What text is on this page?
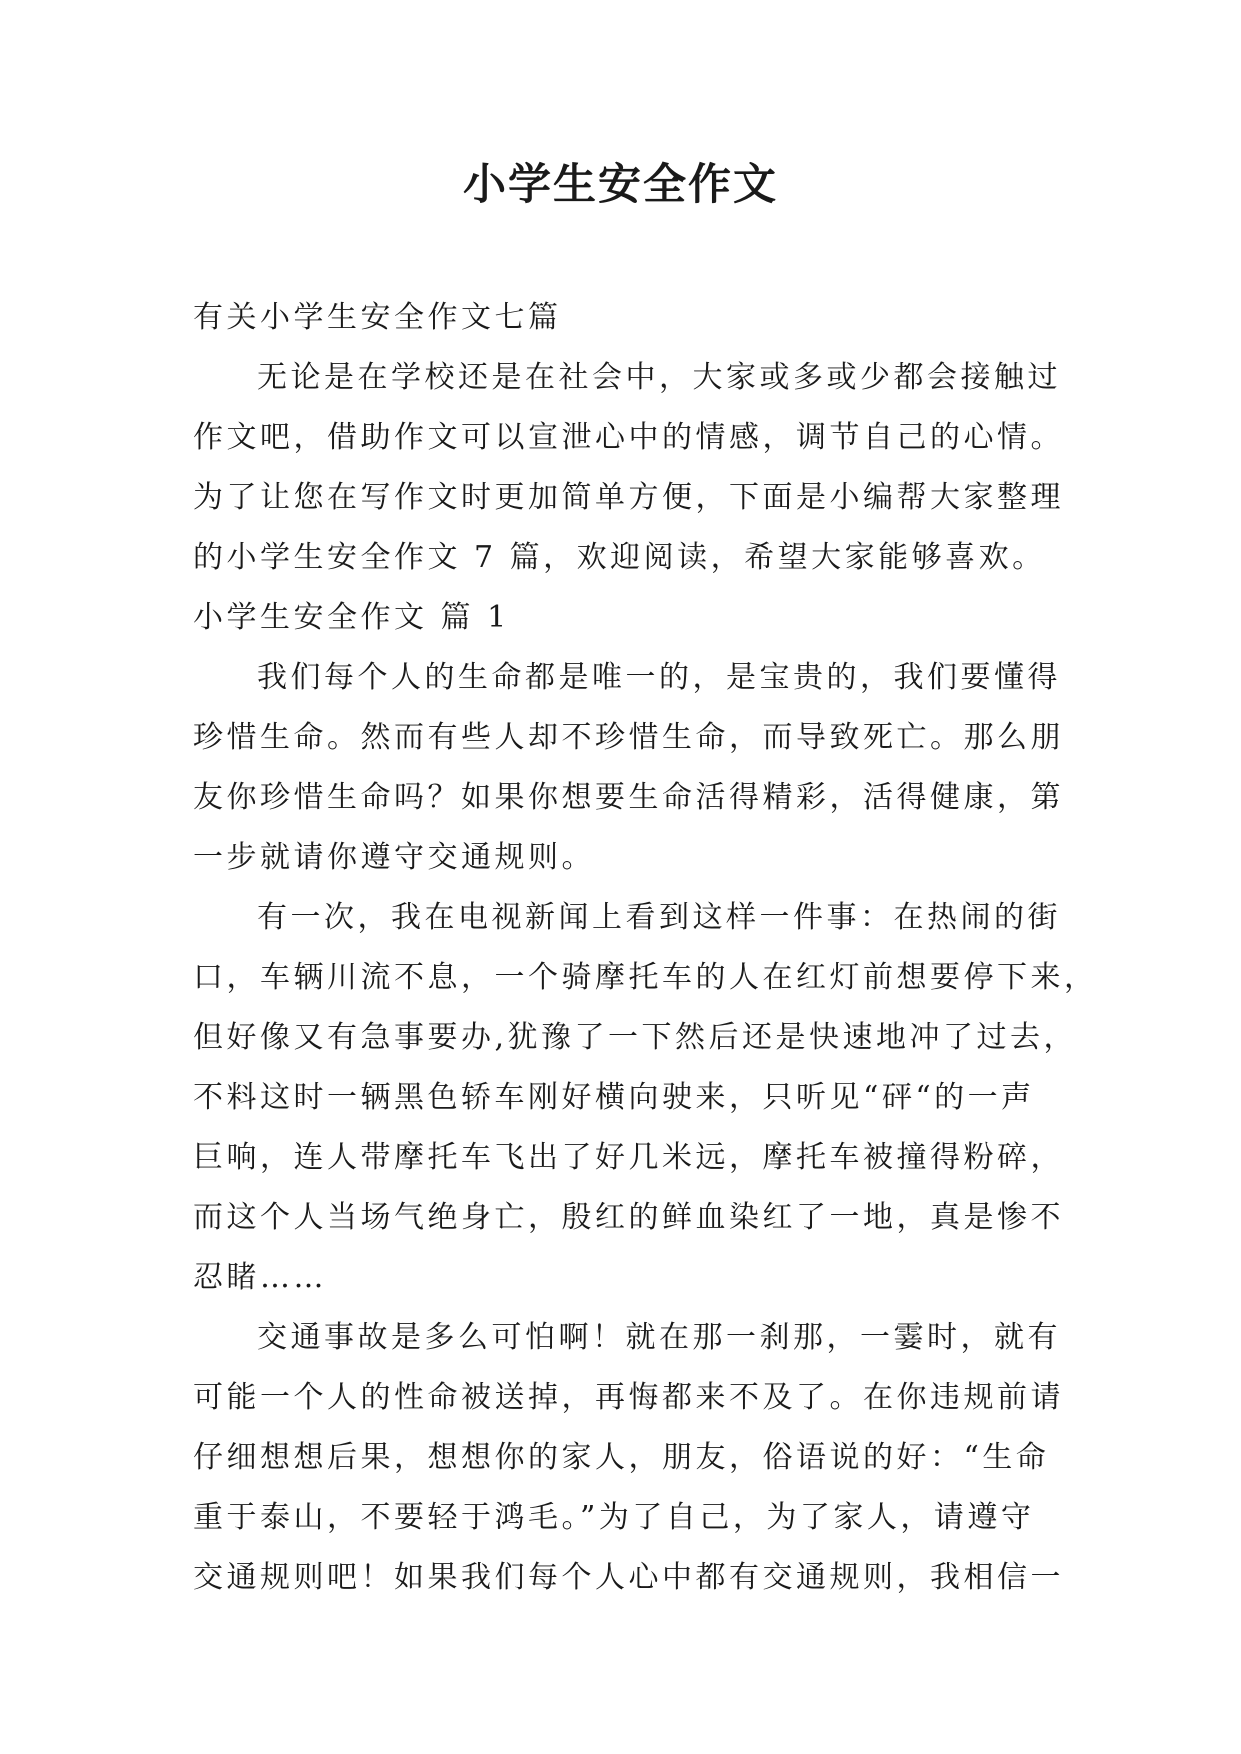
小学生安全作文
有关小学生安全作文七篇
无论是在学校还是在社会中，大家或多或少都会接触过
作文吧，借助作文可以宣泄心中的情感，调节自己的心情。
为了让您在写作文时更加简单方便，下面是小编帮大家整理
的小学生安全作文 7 篇，欢迎阅读，希望大家能够喜欢。
小学生安全作文 篇 1
我们每个人的生命都是唯一的，是宝贵的，我们要懂得
珍惜生命。然而有些人却不珍惜生命，而导致死亡。那么朋
友你珍惜生命吗？如果你想要生命活得精彩，活得健康，第
一步就请你遵守交通规则。
有一次，我在电视新闻上看到这样一件事：在热闹的街
口，车辆川流不息，一个骑摩托车的人在红灯前想要停下来，
但好像又有急事要办,犹豫了一下然后还是快速地冲了过去，
不料这时一辆黑色轿车刚好横向驶来，只听见“砰“的一声
巨响，连人带摩托车飞出了好几米远，摩托车被撞得粉碎，
而这个人当场气绝身亡，殷红的鲜血染红了一地，真是惨不
忍睹……
交通事故是多么可怕啊！就在那一刹那，一霎时，就有
可能一个人的性命被送掉，再悔都来不及了。在你违规前请
仔细想想后果，想想你的家人，朋友，俗语说的好：“生命
重于泰山，不要轻于鸿毛。”为了自己，为了家人，请遵守
交通规则吧！如果我们每个人心中都有交通规则，我相信一
